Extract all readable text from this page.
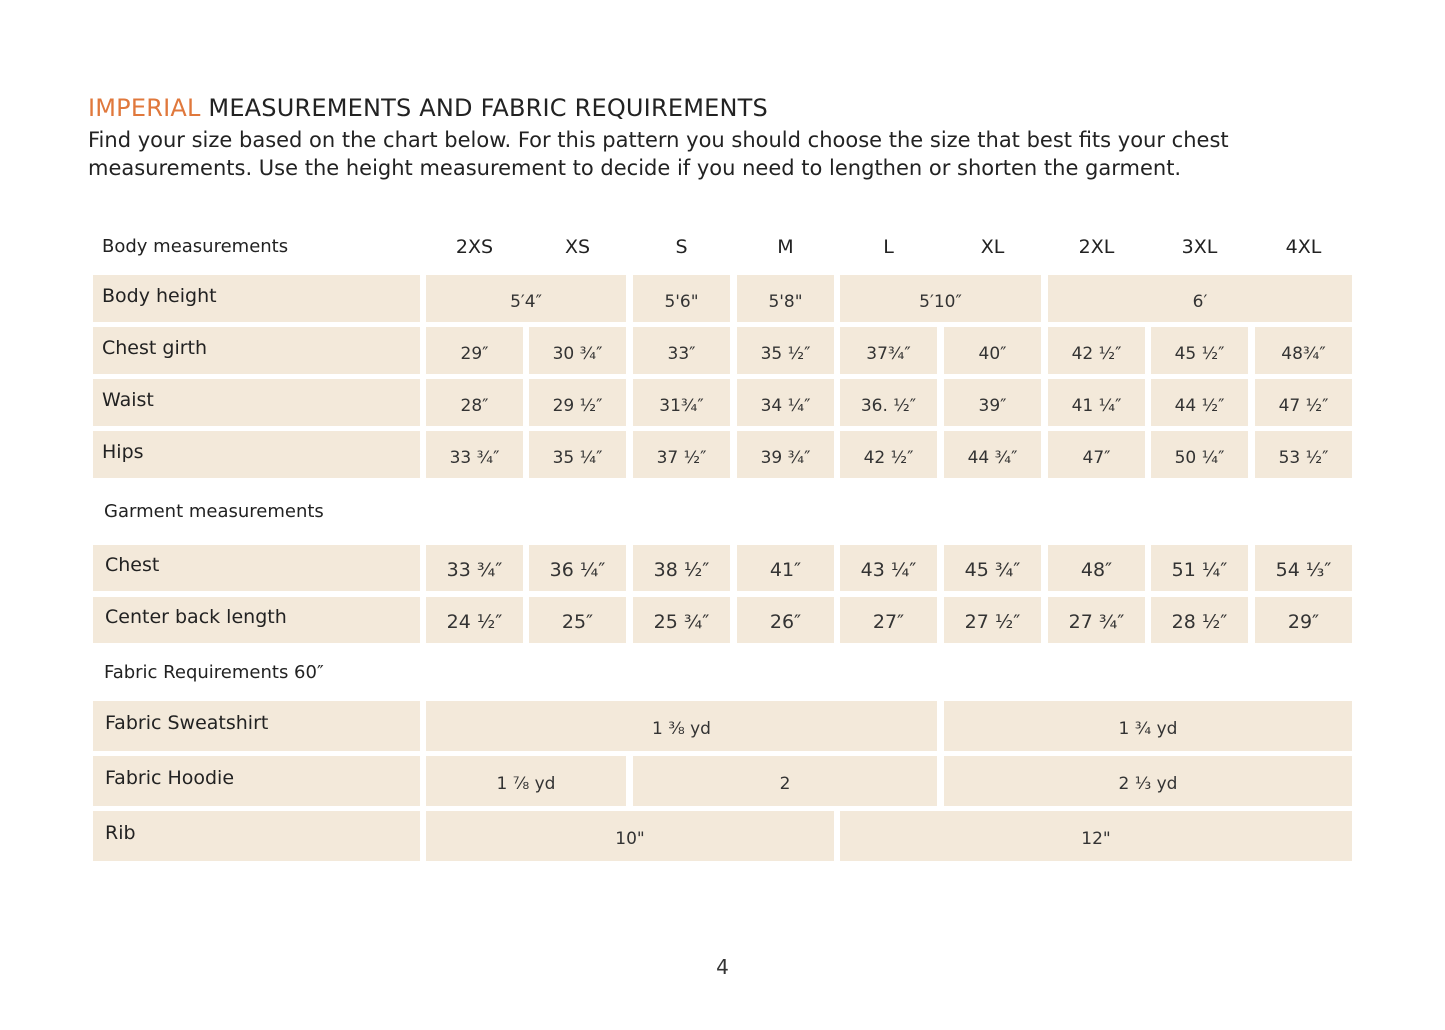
IMPERIAL MEASUREMENTS AND FABRIC REQUIREMENTS
Find your size based on the chart below. For this pattern you should choose the size that best fits your chest
measurements. Use the height measurement to decide if you need to lengthen or shorten the garment.
Body measurements	2XS	XS	S	M	L	XL	2XL	3XL	4XL
Body height	5′4″	5'6"	5'8"	5′10″	6′
Chest girth	29″	30 ¾″	33″	35 ½″	37¾″	40″	42 ½″	45 ½″	48¾″
Waist	28″	29 ½″	31¾″	34 ¼″	36. ½″	39″	41 ¼″	44 ½″	47 ½″
Hips	33 ¾″	35 ¼″	37 ½″	39 ¾″	42 ½″	44 ¾″	47″	50 ¼″	53 ½″
Garment measurements
Chest	33 ¾″	36 ¼″	38 ½″	41″	43 ¼″	45 ¾″	48″	51 ¼″	54 ⅓″
Center back length	24 ½″	25″	25 ¾″	26″	27″	27 ½″	27 ¾″	28 ½″	29″
Fabric Requirements 60″
Fabric Sweatshirt	1 ⅜ yd	1 ¾ yd
Fabric Hoodie	1 ⅞ yd	2	2 ⅓ yd
Rib	10"	12"
4
